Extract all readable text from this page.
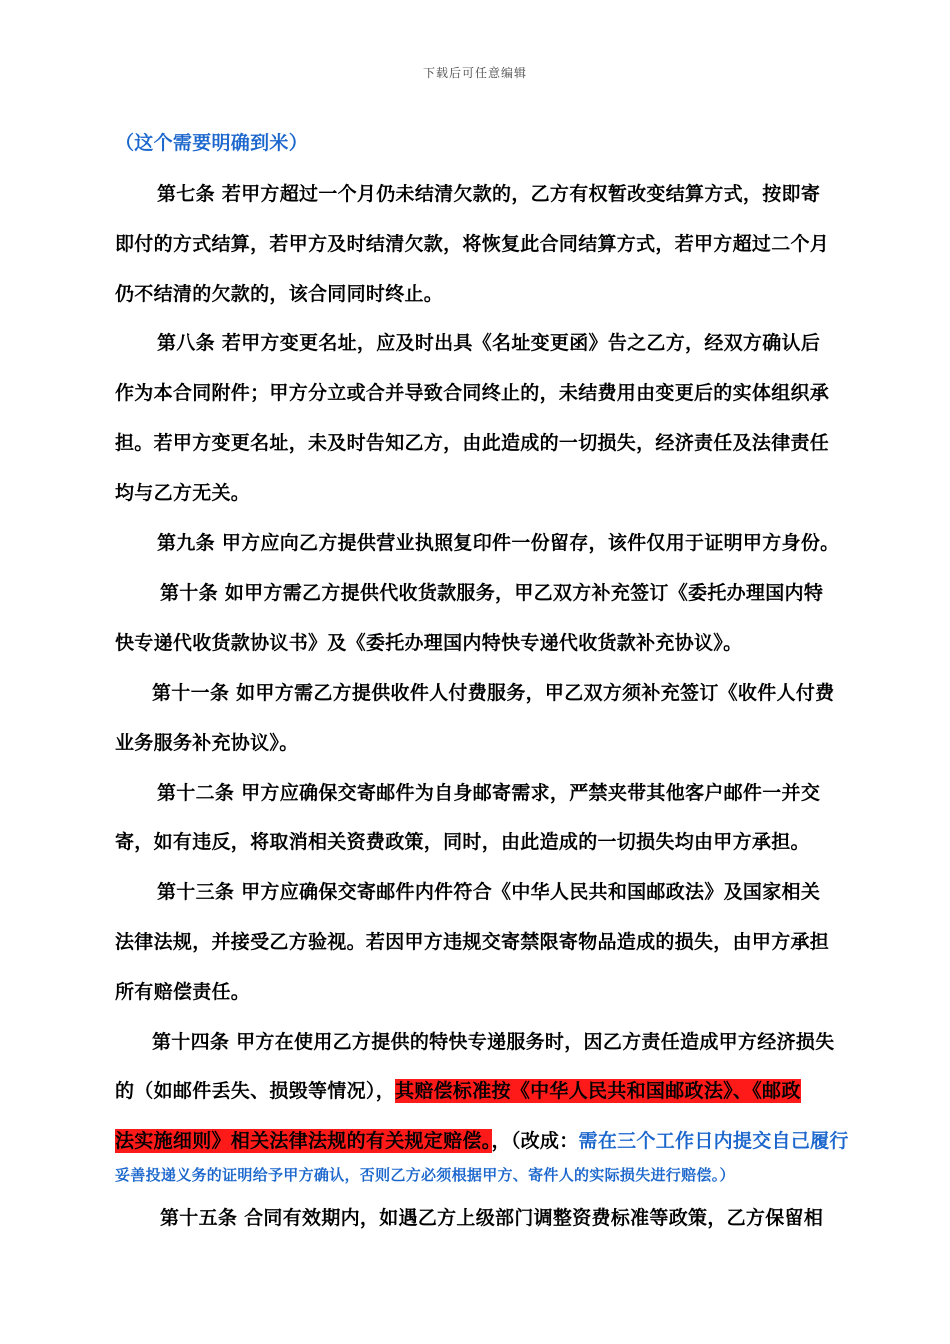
下载后可任意编辑
（这个需要明确到米）
第七条 若甲方超过一个月仍未结清欠款的，乙方有权暂改变结算方式，按即寄
即付的方式结算，若甲方及时结清欠款，将恢复此合同结算方式，若甲方超过二个月
仍不结清的欠款的，该合同同时终止。
第八条 若甲方变更名址，应及时出具《名址变更函》告之乙方，经双方确认后
作为本合同附件；甲方分立或合并导致合同终止的，未结费用由变更后的实体组织承
担。若甲方变更名址，未及时告知乙方，由此造成的一切损失，经济责任及法律责任
均与乙方无关。
第九条 甲方应向乙方提供营业执照复印件一份留存，该件仅用于证明甲方身份。
第十条 如甲方需乙方提供代收货款服务，甲乙双方补充签订《委托办理国内特
快专递代收货款协议书》及《委托办理国内特快专递代收货款补充协议》。
第十一条 如甲方需乙方提供收件人付费服务，甲乙双方须补充签订《收件人付费
业务服务补充协议》。
第十二条 甲方应确保交寄邮件为自身邮寄需求，严禁夹带其他客户邮件一并交
寄，如有违反，将取消相关资费政策，同时，由此造成的一切损失均由甲方承担。
第十三条 甲方应确保交寄邮件内件符合《中华人民共和国邮政法》及国家相关
法律法规，并接受乙方验视。若因甲方违规交寄禁限寄物品造成的损失，由甲方承担
所有赔偿责任。
第十四条 甲方在使用乙方提供的特快专递服务时，因乙方责任造成甲方经济损失
的（如邮件丢失、损毁等情况），其赔偿标准按《中华人民共和国邮政法》、《邮政
法实施细则》相关法律法规的有关规定赔偿。，（改成：需在三个工作日内提交自己履行
妥善投递义务的证明给予甲方确认，否则乙方必须根据甲方、寄件人的实际损失进行赔偿。）
第十五条 合同有效期内，如遇乙方上级部门调整资费标准等政策，乙方保留相
